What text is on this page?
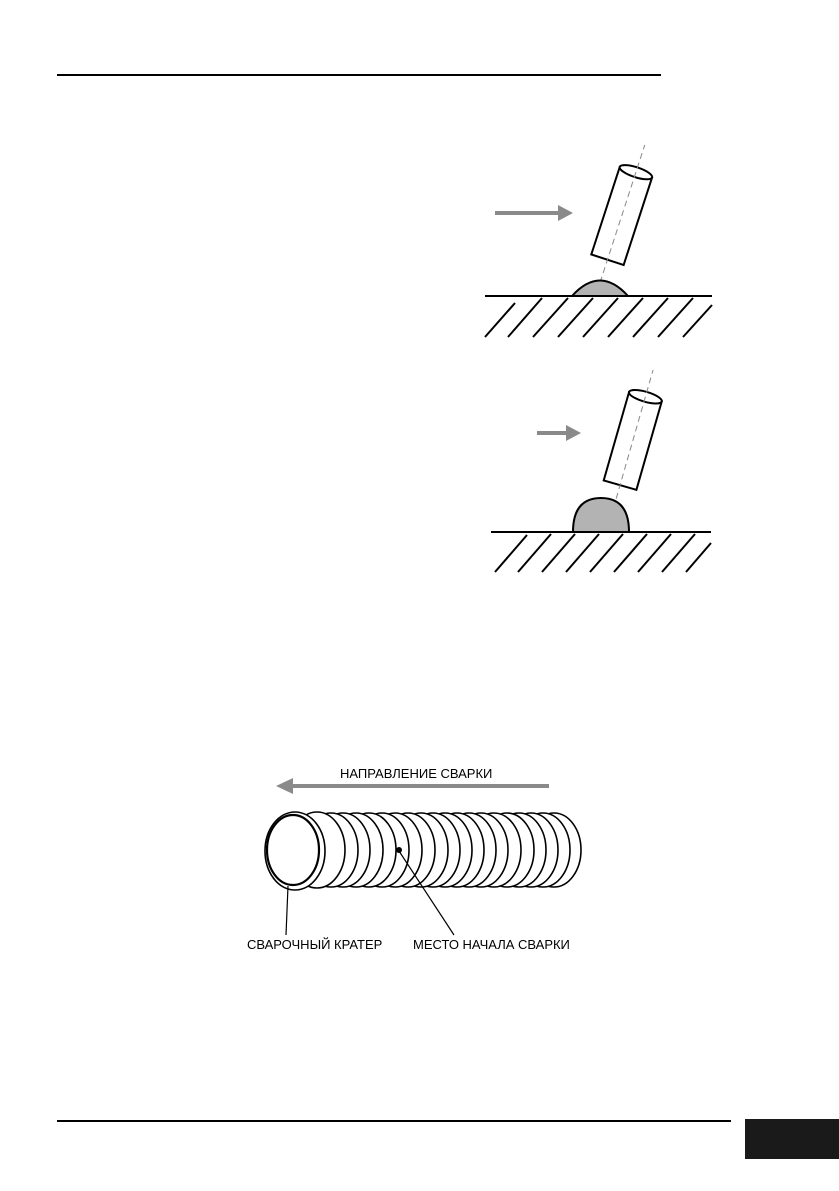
НАПРАВЛЕНИЕ СВАРКИ
СВАРОЧНЫЙ КРАТЕР МЕСТО НАЧАЛА СВАРКИ
